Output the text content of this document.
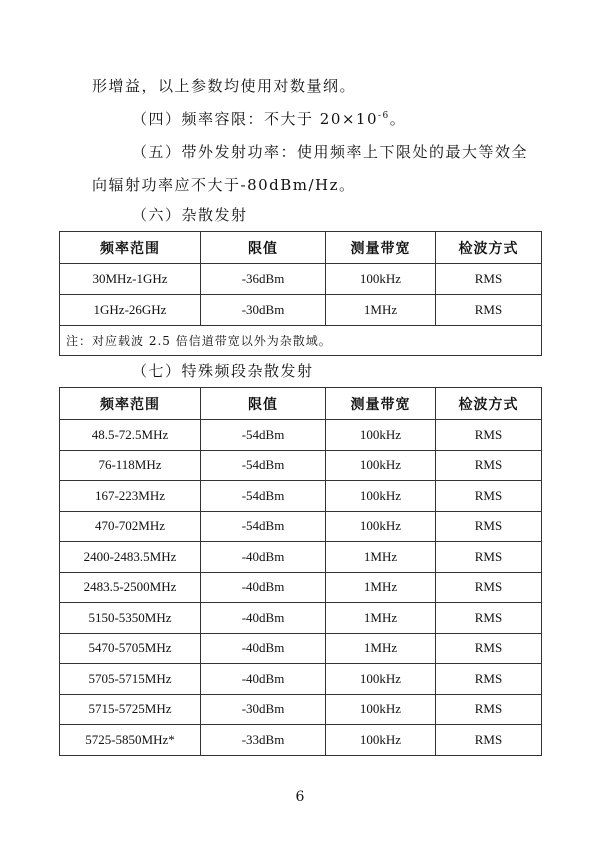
形增益，以上参数均使用对数量纲。
（四）频率容限：不大于 $20\times 10^{-6}$。
（五）带外发射功率：使用频率上下限处的最大等效全
向辐射功率应不大于-80dBm/Hz。
（六）杂散发射
频率范围	限值	测量带宽	检波方式
30MHz-1GHz	-36dBm	100kHz	RMS
1GHz-26GHz	-30dBm	1MHz	RMS
注：对应载波 2.5 倍信道带宽以外为杂散域。			
（七）特殊频段杂散发射
频率范围	限值	测量带宽	检波方式
48.5-72.5MHz	-54dBm	100kHz	RMS
76-118MHz	-54dBm	100kHz	RMS
167-223MHz	-54dBm	100kHz	RMS
470-702MHz	-54dBm	100kHz	RMS
2400-2483.5MHz	-40dBm	1MHz	RMS
2483.5-2500MHz	-40dBm	1MHz	RMS
5150-5350MHz	-40dBm	1MHz	RMS
5470-5705MHz	-40dBm	1MHz	RMS
5705-5715MHz	-40dBm	100kHz	RMS
5715-5725MHz	-30dBm	100kHz	RMS
5725-5850MHz*	-33dBm	100kHz	RMS
6
